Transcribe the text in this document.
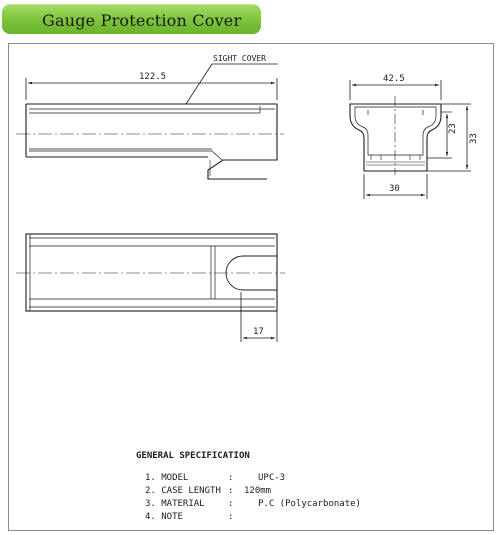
Gauge Protection Cover
122.5
SIGHT COVER
42.5
23
33
30
17
GENERAL SPECIFICATION
1. MODEL	:	UPC-3
2. CASE LENGTH : 120mm
3. MATERIAL	:	P.C (Polycarbonate)
4. NOTE	:
